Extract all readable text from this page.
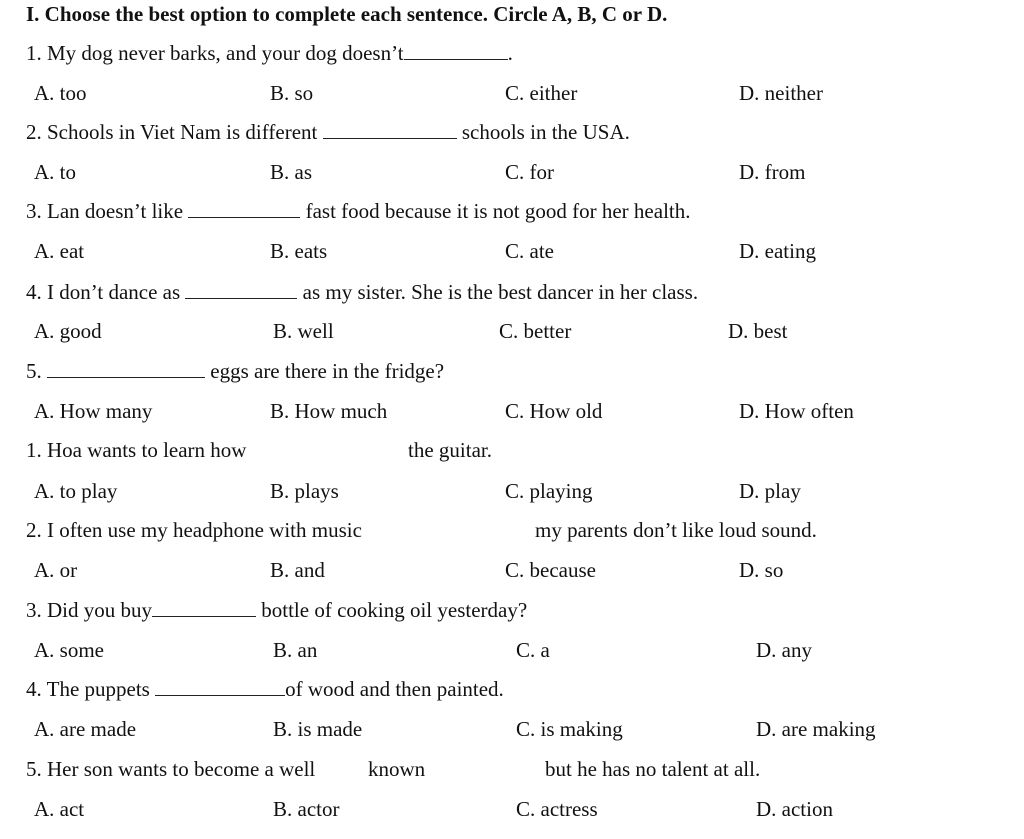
I. Choose the best option to complete each sentence. Circle A, B, C or D.
1. My dog never barks, and your dog doesn’t	.
A. too	B. so	C. either	D. neither
2. Schools in Viet Nam is different	schools in the USA.
A. to	B. as	C. for	D. from
3. Lan doesn’t like	fast food because it is not good for her health.
A. eat	B. eats	C. ate	D. eating
4. I don’t dance as	as my sister. She is the best dancer in her class.
A. good	B. well	C. better	D. best
5.	eggs are there in the fridge?
A. How many	B. How much	C. How old	D. How often
1. Hoa wants to learn how	the guitar.
A. to play	B. plays	C. playing	D. play
2. I often use my headphone with music	my parents don’t like loud sound.
A. or	B. and	C. because	D. so
3. Did you buy	bottle of cooking oil yesterday?
A. some	B. an	C. a	D. any
4. The puppets	of wood and then painted.
A. are made	B. is made	C. is making	D. are making
5. Her son wants to become a well	known	but he has no talent at all.
A. act	B. actor	C. actress	D. action
